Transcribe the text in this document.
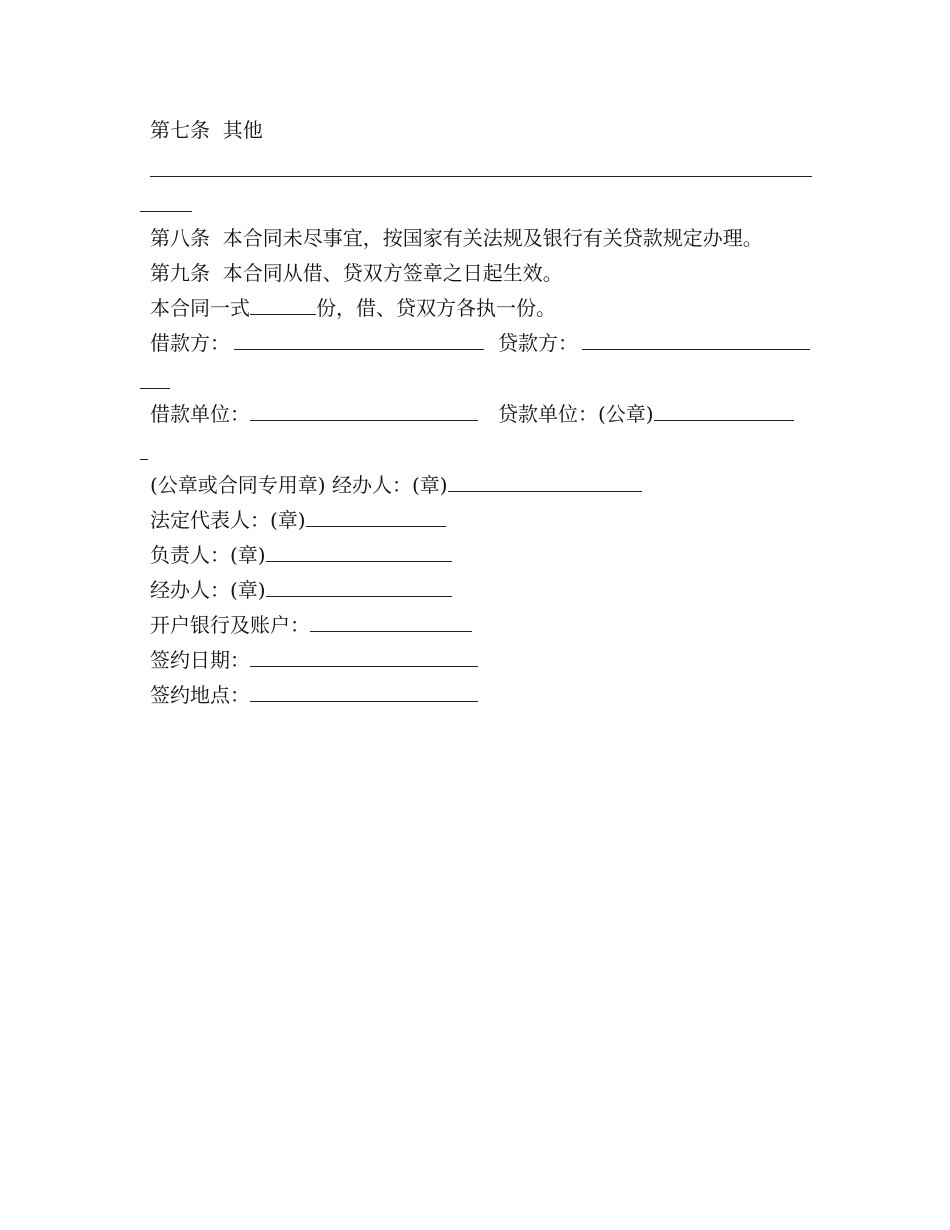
第七条 其他
第八条 本合同未尽事宜，按国家有关法规及银行有关贷款规定办理。
第九条 本合同从借、贷双方签章之日起生效。
本合同一式	份，借、贷双方各执一份。
借款方：	贷款方：
借款单位：	贷款单位：(公章)
(公章或合同专用章) 经办人：(章)
法定代表人：(章)
负责人：(章)
经办人：(章)
开户银行及账户：
签约日期：
签约地点：
